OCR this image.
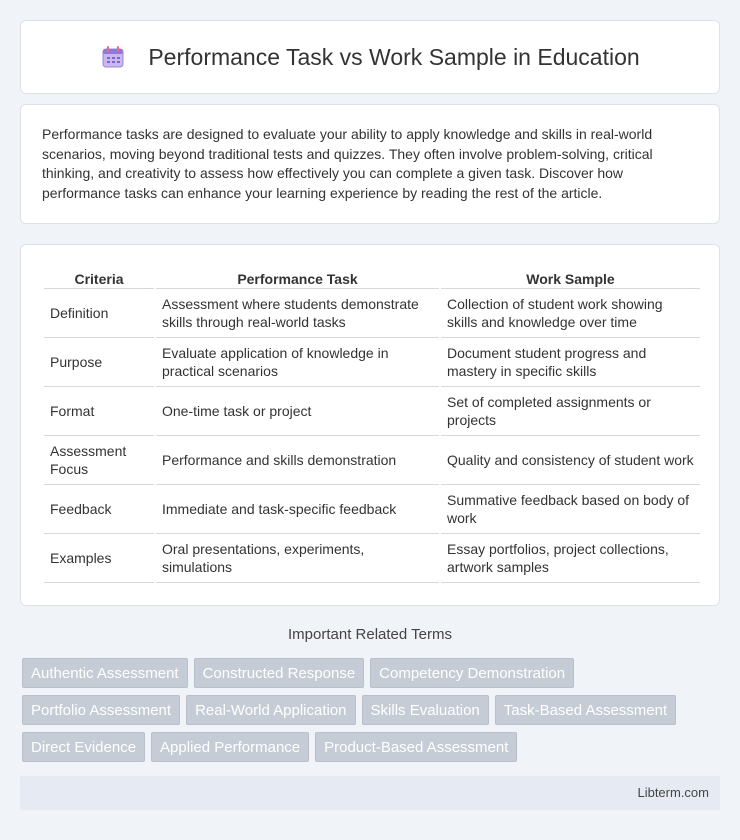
Performance Task vs Work Sample in Education

Performance tasks are designed to evaluate your ability to apply knowledge and skills in real-world scenarios, moving beyond traditional tests and quizzes. They often involve problem-solving, critical thinking, and creativity to assess how effectively you can complete a given task. Discover how performance tasks can enhance your learning experience by reading the rest of the article.

Criteria	Performance Task	Work Sample
Definition	Assessment where students demonstrate skills through real-world tasks	Collection of student work showing skills and knowledge over time
Purpose	Evaluate application of knowledge in practical scenarios	Document student progress and mastery in specific skills
Format	One-time task or project	Set of completed assignments or projects
Assessment Focus	Performance and skills demonstration	Quality and consistency of student work
Feedback	Immediate and task-specific feedback	Summative feedback based on body of work
Examples	Oral presentations, experiments, simulations	Essay portfolios, project collections, artwork samples
Important Related Terms
Authentic Assessment	Constructed Response	Competency Demonstration
Portfolio Assessment	Real-World Application	Skills Evaluation	Task-Based Assessment
Direct Evidence	Applied Performance	Product-Based Assessment
Libterm.com
